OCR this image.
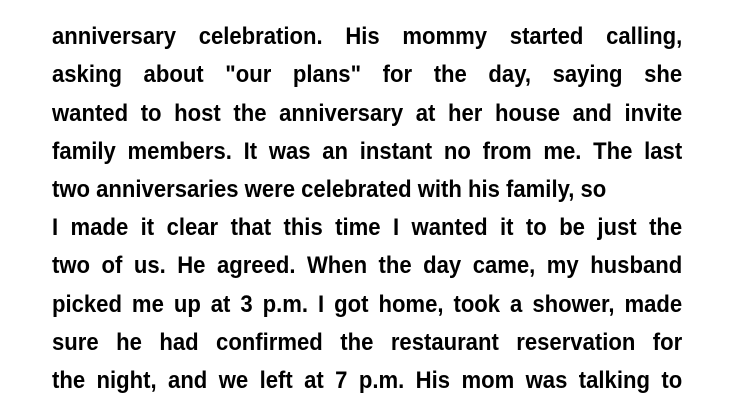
anniversary celebration. His mommy started calling,
asking about "our plans" for the day, saying she
wanted to host the anniversary at her house and invite
family members. It was an instant no from me. The last
two anniversaries were celebrated with his family, so
I made it clear that this time I wanted it to be just the
two of us. He agreed. When the day came, my husband
picked me up at 3 p.m. I got home, took a shower, made
sure he had confirmed the restaurant reservation for
the night, and we left at 7 p.m. His mom was talking to
